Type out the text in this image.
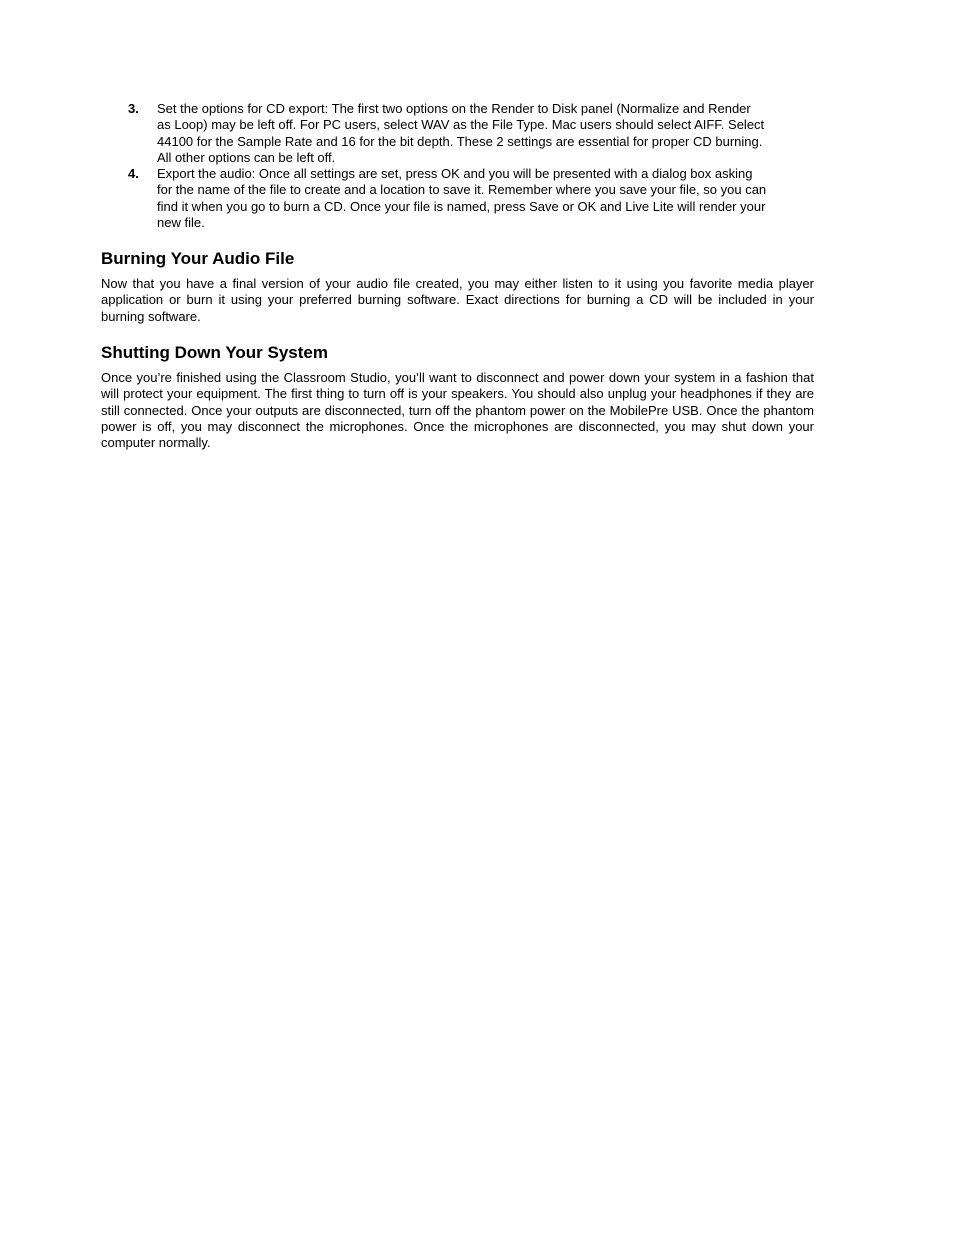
3. Set the options for CD export: The first two options on the Render to Disk panel (Normalize and Render as Loop) may be left off. For PC users, select WAV as the File Type. Mac users should select AIFF. Select 44100 for the Sample Rate and 16 for the bit depth. These 2 settings are essential for proper CD burning. All other options can be left off.
4. Export the audio: Once all settings are set, press OK and you will be presented with a dialog box asking for the name of the file to create and a location to save it. Remember where you save your file, so you can find it when you go to burn a CD. Once your file is named, press Save or OK and Live Lite will render your new file.
Burning Your Audio File

Now that you have a final version of your audio file created, you may either listen to it using you favorite media player application or burn it using your preferred burning software. Exact directions for burning a CD will be included in your burning software.

Shutting Down Your System

Once you’re finished using the Classroom Studio, you’ll want to disconnect and power down your system in a fashion that will protect your equipment. The first thing to turn off is your speakers. You should also unplug your headphones if they are still connected. Once your outputs are disconnected, turn off the phantom power on the MobilePre USB. Once the phantom power is off, you may disconnect the microphones. Once the microphones are disconnected, you may shut down your computer normally.
